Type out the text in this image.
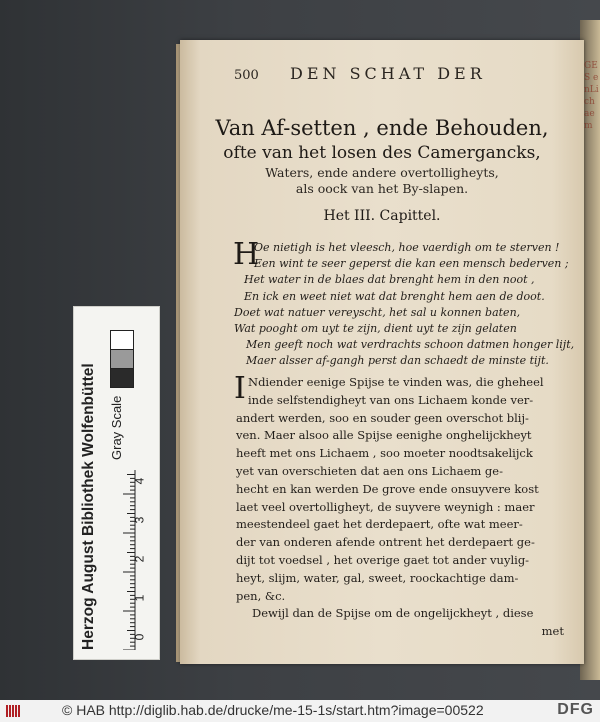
GES enLichaem
500 DEN SCHAT DER
Van Af-setten , ende Behouden,
ofte van het losen des Camergancks,
Waters, ende andere overtolligheyts,
als oock van het By-slapen.
Het III. Capittel.
H
Oe nietigh is het vleesch, hoe vaerdigh om te sterven !
Een wint te seer geperst die kan een mensch bederven ;
Het water in de blaes dat brenght hem in den noot ,
En ick en weet niet wat dat brenght hem aen de doot.
Doet wat natuer vereyscht, het sal u konnen baten,
Wat pooght om uyt te zijn, dient uyt te zijn gelaten
Men geeft noch wat verdrachts schoon datmen honger lijt,
Maer alsser af-gangh perst dan schaedt de minste tijt.
I Ndiender eenige Spijse te vinden was, die gheheel
inde selfstendigheyt van ons Lichaem konde ver-
andert werden, soo en souder geen overschot blij-
ven. Maer alsoo alle Spijse eenighe onghelijckheyt
heeft met ons Lichaem , soo moeter noodtsakelijck
yet van overschieten dat aen ons Lichaem ge-
hecht en kan werden De grove ende onsuyvere kost
laet veel overtolligheyt, de suyvere weynigh : maer
meestendeel gaet het derdepaert, ofte wat meer-
der van onderen afende ontrent het derdepaert ge-
dijt tot voedsel , het overige gaet tot ander vuylig-
heyt, slijm, water, gal, sweet, roockachtige dam-
pen, &c.
Dewijl dan de Spijse om de ongelijckheyt , diese
met
Herzog August Bibliothek Wolfenbüttel Gray Scale
0
1
2
3
4
© HAB http://diglib.hab.de/drucke/me-15-1s/start.htm?image=00522	DFG
